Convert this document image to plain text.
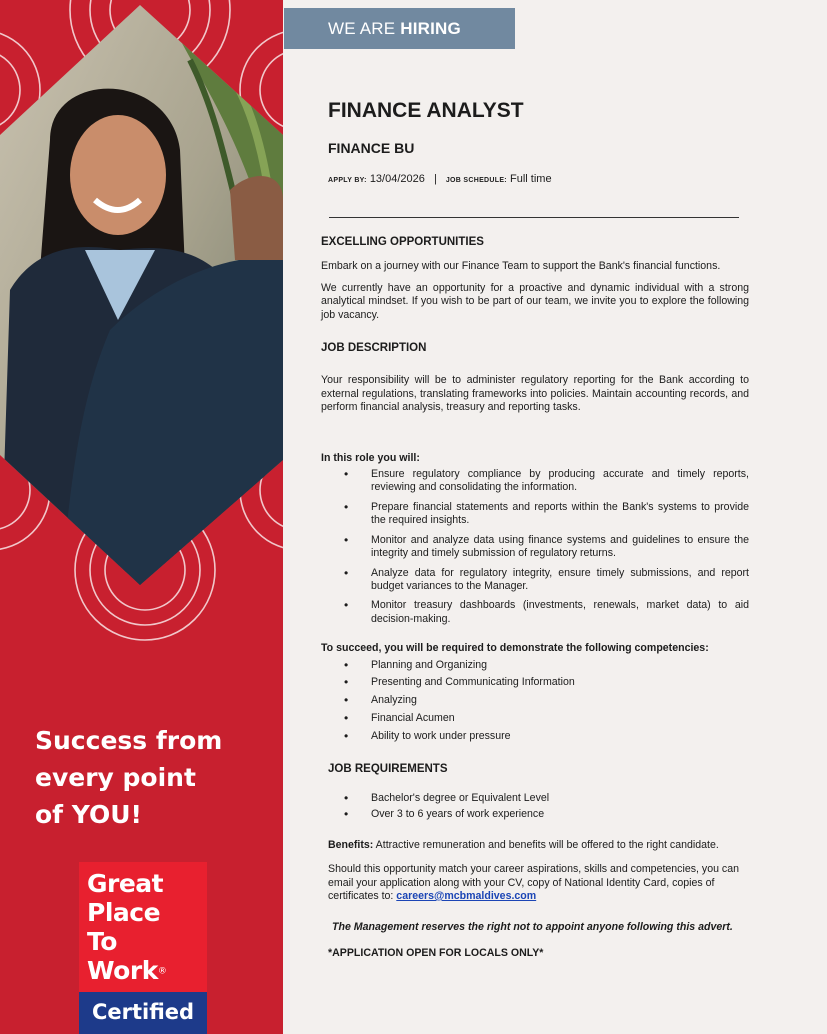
Success from
every point
of YOU!
Great
Place
To
Work®
Certified
WE ARE HIRING
FINANCE ANALYST
FINANCE BU
APPLY BY: 13/04/2026 | JOB SCHEDULE: Full time
EXCELLING OPPORTUNITIES

Embark on a journey with our Finance Team to support the Bank's financial functions.

We currently have an opportunity for a proactive and dynamic individual with a strong analytical mindset. If you wish to be part of our team, we invite you to explore the following job vacancy.

JOB DESCRIPTION

Your responsibility will be to administer regulatory reporting for the Bank according to external regulations, translating frameworks into policies. Maintain accounting records, and perform financial analysis, treasury and reporting tasks.

In this role you will:

• Ensure regulatory compliance by producing accurate and timely reports, reviewing and consolidating the information.
• Prepare financial statements and reports within the Bank's systems to provide the required insights.
• Monitor and analyze data using finance systems and guidelines to ensure the integrity and timely submission of regulatory returns.
• Analyze data for regulatory integrity, ensure timely submissions, and report budget variances to the Manager.
• Monitor treasury dashboards (investments, renewals, market data) to aid decision-making.

To succeed, you will be required to demonstrate the following competencies:

• Planning and Organizing
• Presenting and Communicating Information
• Analyzing
• Financial Acumen
• Ability to work under pressure
JOB REQUIREMENTS
• Bachelor's degree or Equivalent Level
• Over 3 to 6 years of work experience

Benefits: Attractive remuneration and benefits will be offered to the right candidate.

Should this opportunity match your career aspirations, skills and competencies, you can email your application along with your CV, copy of National Identity Card, copies of certificates to: careers@mcbmaldives.com

The Management reserves the right not to appoint anyone following this advert.

*APPLICATION OPEN FOR LOCALS ONLY*
